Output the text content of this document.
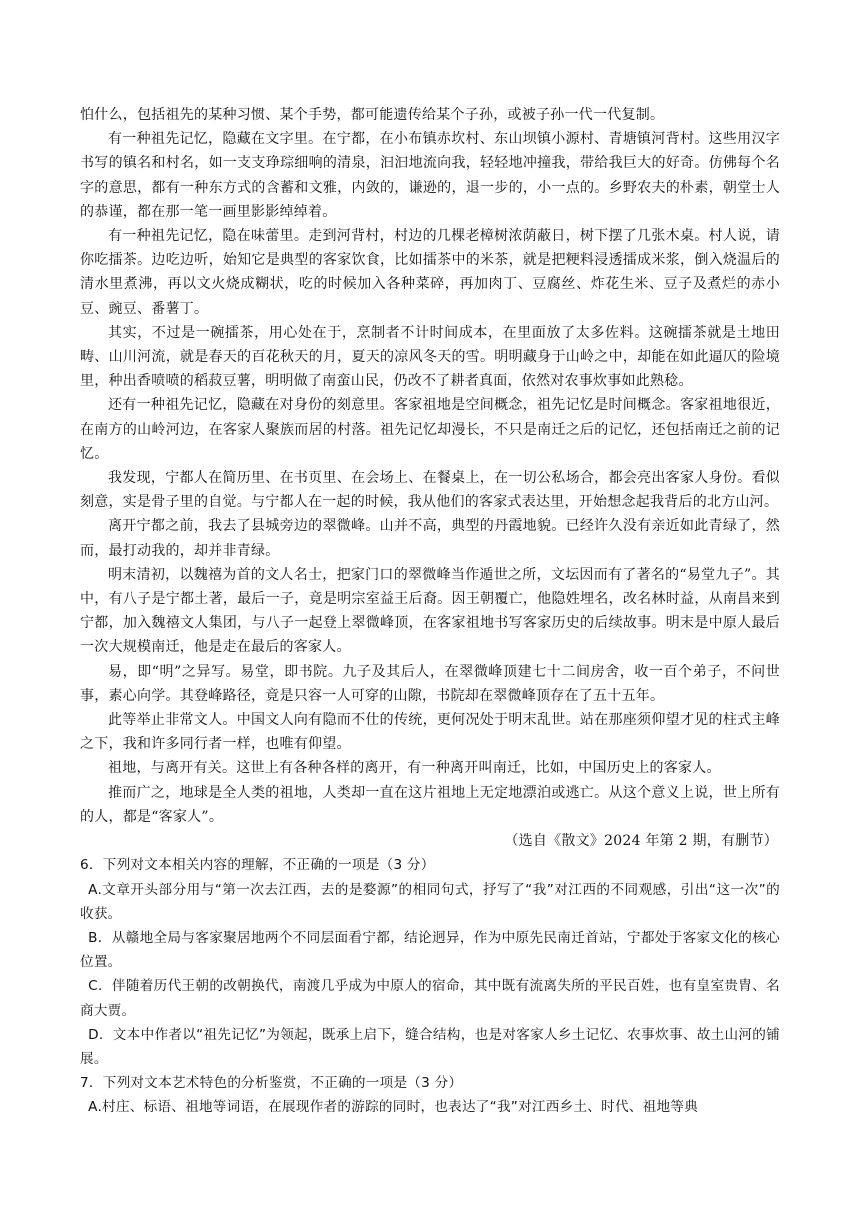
怕什么，包括祖先的某种习惯、某个手势，都可能遗传给某个子孙，或被子孙一代一代复制。

有一种祖先记忆，隐藏在文字里。在宁都，在小布镇赤坎村、东山坝镇小源村、青塘镇河背村。这些用汉字书写的镇名和村名，如一支支琤琮细响的清泉，汩汩地流向我，轻轻地冲撞我，带给我巨大的好奇。仿佛每个名字的意思，都有一种东方式的含蓄和文雅，内敛的，谦逊的，退一步的，小一点的。乡野农夫的朴素，朝堂士人的恭谨，都在那一笔一画里影影绰绰着。

有一种祖先记忆，隐在味蕾里。走到河背村，村边的几棵老樟树浓荫蔽日，树下摆了几张木桌。村人说，请你吃擂茶。边吃边听，始知它是典型的客家饮食，比如擂茶中的米茶，就是把粳料浸透擂成米浆，倒入烧温后的清水里煮沸，再以文火烧成糊状，吃的时候加入各种菜碎，再加肉丁、豆腐丝、炸花生米、豆子及煮烂的赤小豆、豌豆、番薯丁。

其实，不过是一碗擂茶，用心处在于，烹制者不计时间成本，在里面放了太多佐料。这碗擂茶就是土地田畴、山川河流，就是春天的百花秋天的月，夏天的凉风冬天的雪。明明藏身于山岭之中，却能在如此逼仄的险境里，种出香喷喷的稻菽豆薯，明明做了南蛮山民，仍改不了耕者真面，依然对农事炊事如此熟稔。

还有一种祖先记忆，隐藏在对身份的刻意里。客家祖地是空间概念，祖先记忆是时间概念。客家祖地很近，在南方的山岭河边，在客家人聚族而居的村落。祖先记忆却漫长，不只是南迁之后的记忆，还包括南迁之前的记忆。

我发现，宁都人在简历里、在书页里、在会场上、在餐桌上，在一切公私场合，都会亮出客家人身份。看似刻意，实是骨子里的自觉。与宁都人在一起的时候，我从他们的客家式表达里，开始想念起我背后的北方山河。

离开宁都之前，我去了县城旁边的翠微峰。山并不高，典型的丹霞地貌。已经许久没有亲近如此青绿了，然而，最打动我的，却并非青绿。

明末清初，以魏禧为首的文人名士，把家门口的翠微峰当作遁世之所，文坛因而有了著名的“易堂九子”。其中，有八子是宁都土著，最后一子，竟是明宗室益王后裔。因王朝覆亡，他隐姓埋名，改名林时益，从南昌来到宁都，加入魏禧文人集团，与八子一起登上翠微峰顶，在客家祖地书写客家历史的后续故事。明末是中原人最后一次大规模南迁，他是走在最后的客家人。

易，即“明”之异写。易堂，即书院。九子及其后人，在翠微峰顶建七十二间房舍，收一百个弟子，不问世事，素心向学。其登峰路径，竟是只容一人可穿的山隙，书院却在翠微峰顶存在了五十五年。

此等举止非常文人。中国文人向有隐而不仕的传统，更何况处于明末乱世。站在那座须仰望才见的柱式主峰之下，我和许多同行者一样，也唯有仰望。

祖地，与离开有关。这世上有各种各样的离开，有一种离开叫南迁，比如，中国历史上的客家人。

推而广之，地球是全人类的祖地，人类却一直在这片祖地上无定地漂泊或逃亡。从这个意义上说，世上所有的人，都是“客家人”。

（选自《散文》2024 年第 2 期，有删节）

6．下列对文本相关内容的理解，不正确的一项是（3 分）

A.文章开头部分用与“第一次去江西，去的是婺源”的相同句式，抒写了“我”对江西的不同观感，引出“这一次”的收获。

B．从赣地全局与客家聚居地两个不同层面看宁都，结论迥异，作为中原先民南迁首站，宁都处于客家文化的核心位置。

C．伴随着历代王朝的改朝换代，南渡几乎成为中原人的宿命，其中既有流离失所的平民百姓，也有皇室贵胄、名商大贾。

D．文本中作者以“祖先记忆”为领起，既承上启下，缝合结构，也是对客家人乡土记忆、农事炊事、故土山河的铺展。

7．下列对文本艺术特色的分析鉴赏，不正确的一项是（3 分）

A.村庄、标语、祖地等词语，在展现作者的游踪的同时，也表达了“我”对江西乡土、时代、祖地等典
